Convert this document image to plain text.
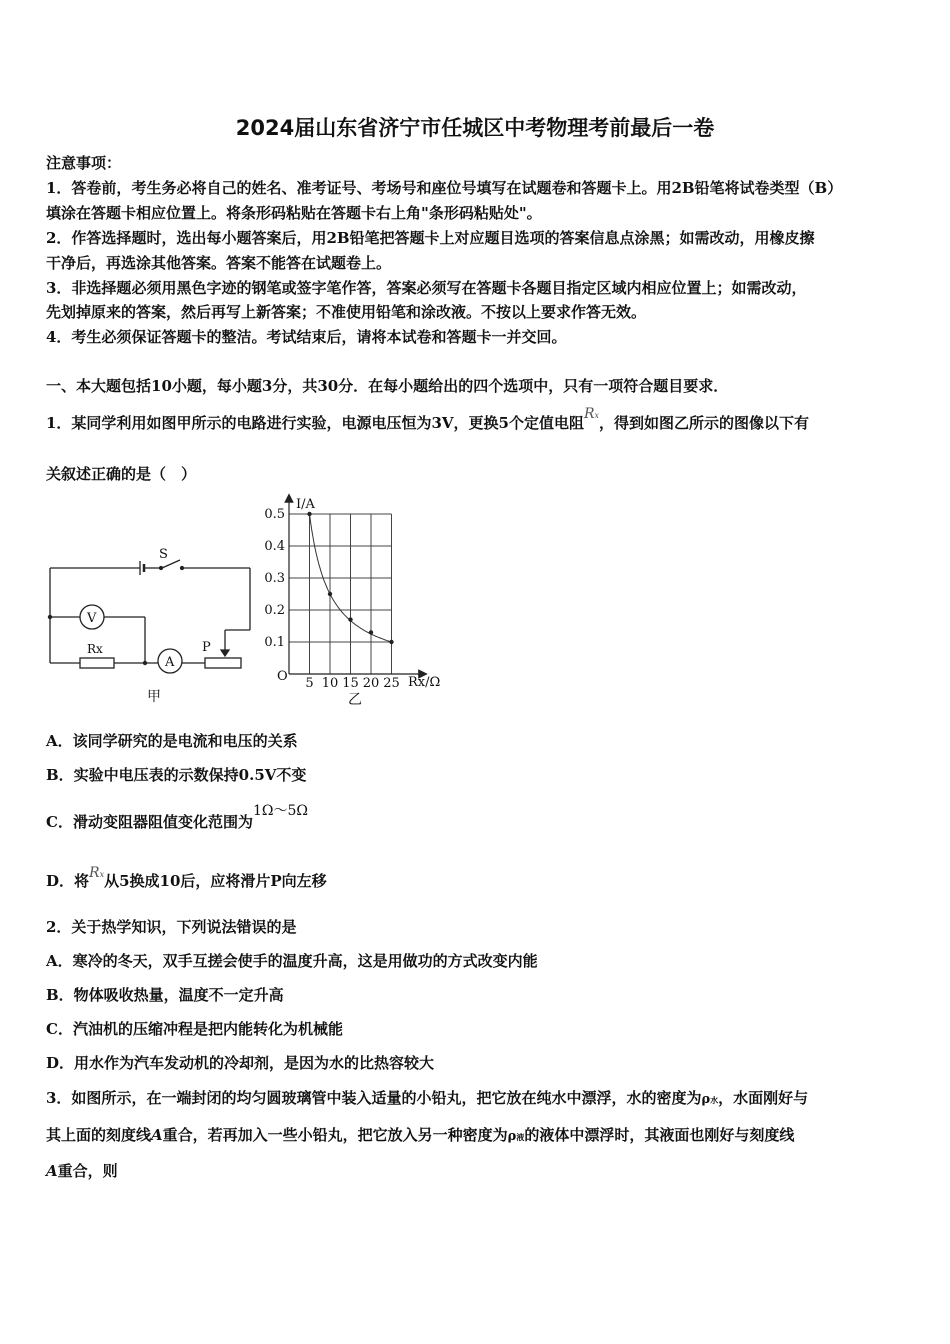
2024届山东省济宁市任城区中考物理考前最后一卷
注意事项：
1．答卷前，考生务必将自己的姓名、准考证号、考场号和座位号填写在试题卷和答题卡上。用2B铅笔将试卷类型（B）
填涂在答题卡相应位置上。将条形码粘贴在答题卡右上角"条形码粘贴处"。
2．作答选择题时，选出每小题答案后，用2B铅笔把答题卡上对应题目选项的答案信息点涂黑；如需改动，用橡皮擦
干净后，再选涂其他答案。答案不能答在试题卷上。
3．非选择题必须用黑色字迹的钢笔或签字笔作答，答案必须写在答题卡各题目指定区域内相应位置上；如需改动，
先划掉原来的答案，然后再写上新答案；不准使用铅笔和涂改液。不按以上要求作答无效。
4．考生必须保证答题卡的整洁。考试结束后，请将本试卷和答题卡一并交回。
一、本大题包括10小题，每小题3分，共30分．在每小题给出的四个选项中，只有一项符合题目要求．
1．某同学利用如图甲所示的电路进行实验，电源电压恒为3V，更换5个定值电阻Rx，得到如图乙所示的图像以下有
关叙述正确的是（　）
S
V
A
Rx	P
甲
5 10 15 20 25
0.5
0.4
0.3
0.2
0.1
I/A
Rx/Ω
O
乙
A．该同学研究的是电流和电压的关系
B．实验中电压表的示数保持0.5V不变
C．滑动变阻器阻值变化范围为1Ω～5Ω
D．将Rx从5换成10后，应将滑片P向左移
2．关于热学知识，下列说法错误的是
A．寒冷的冬天，双手互搓会使手的温度升高，这是用做功的方式改变内能
B．物体吸收热量，温度不一定升高
C．汽油机的压缩冲程是把内能转化为机械能
D．用水作为汽车发动机的冷却剂，是因为水的比热容较大
3．如图所示，在一端封闭的均匀圆玻璃管中装入适量的小铅丸，把它放在纯水中漂浮，水的密度为ρ水，水面刚好与
其上面的刻度线A重合，若再加入一些小铅丸，把它放入另一种密度为ρ液的液体中漂浮时，其液面也刚好与刻度线
A重合，则
